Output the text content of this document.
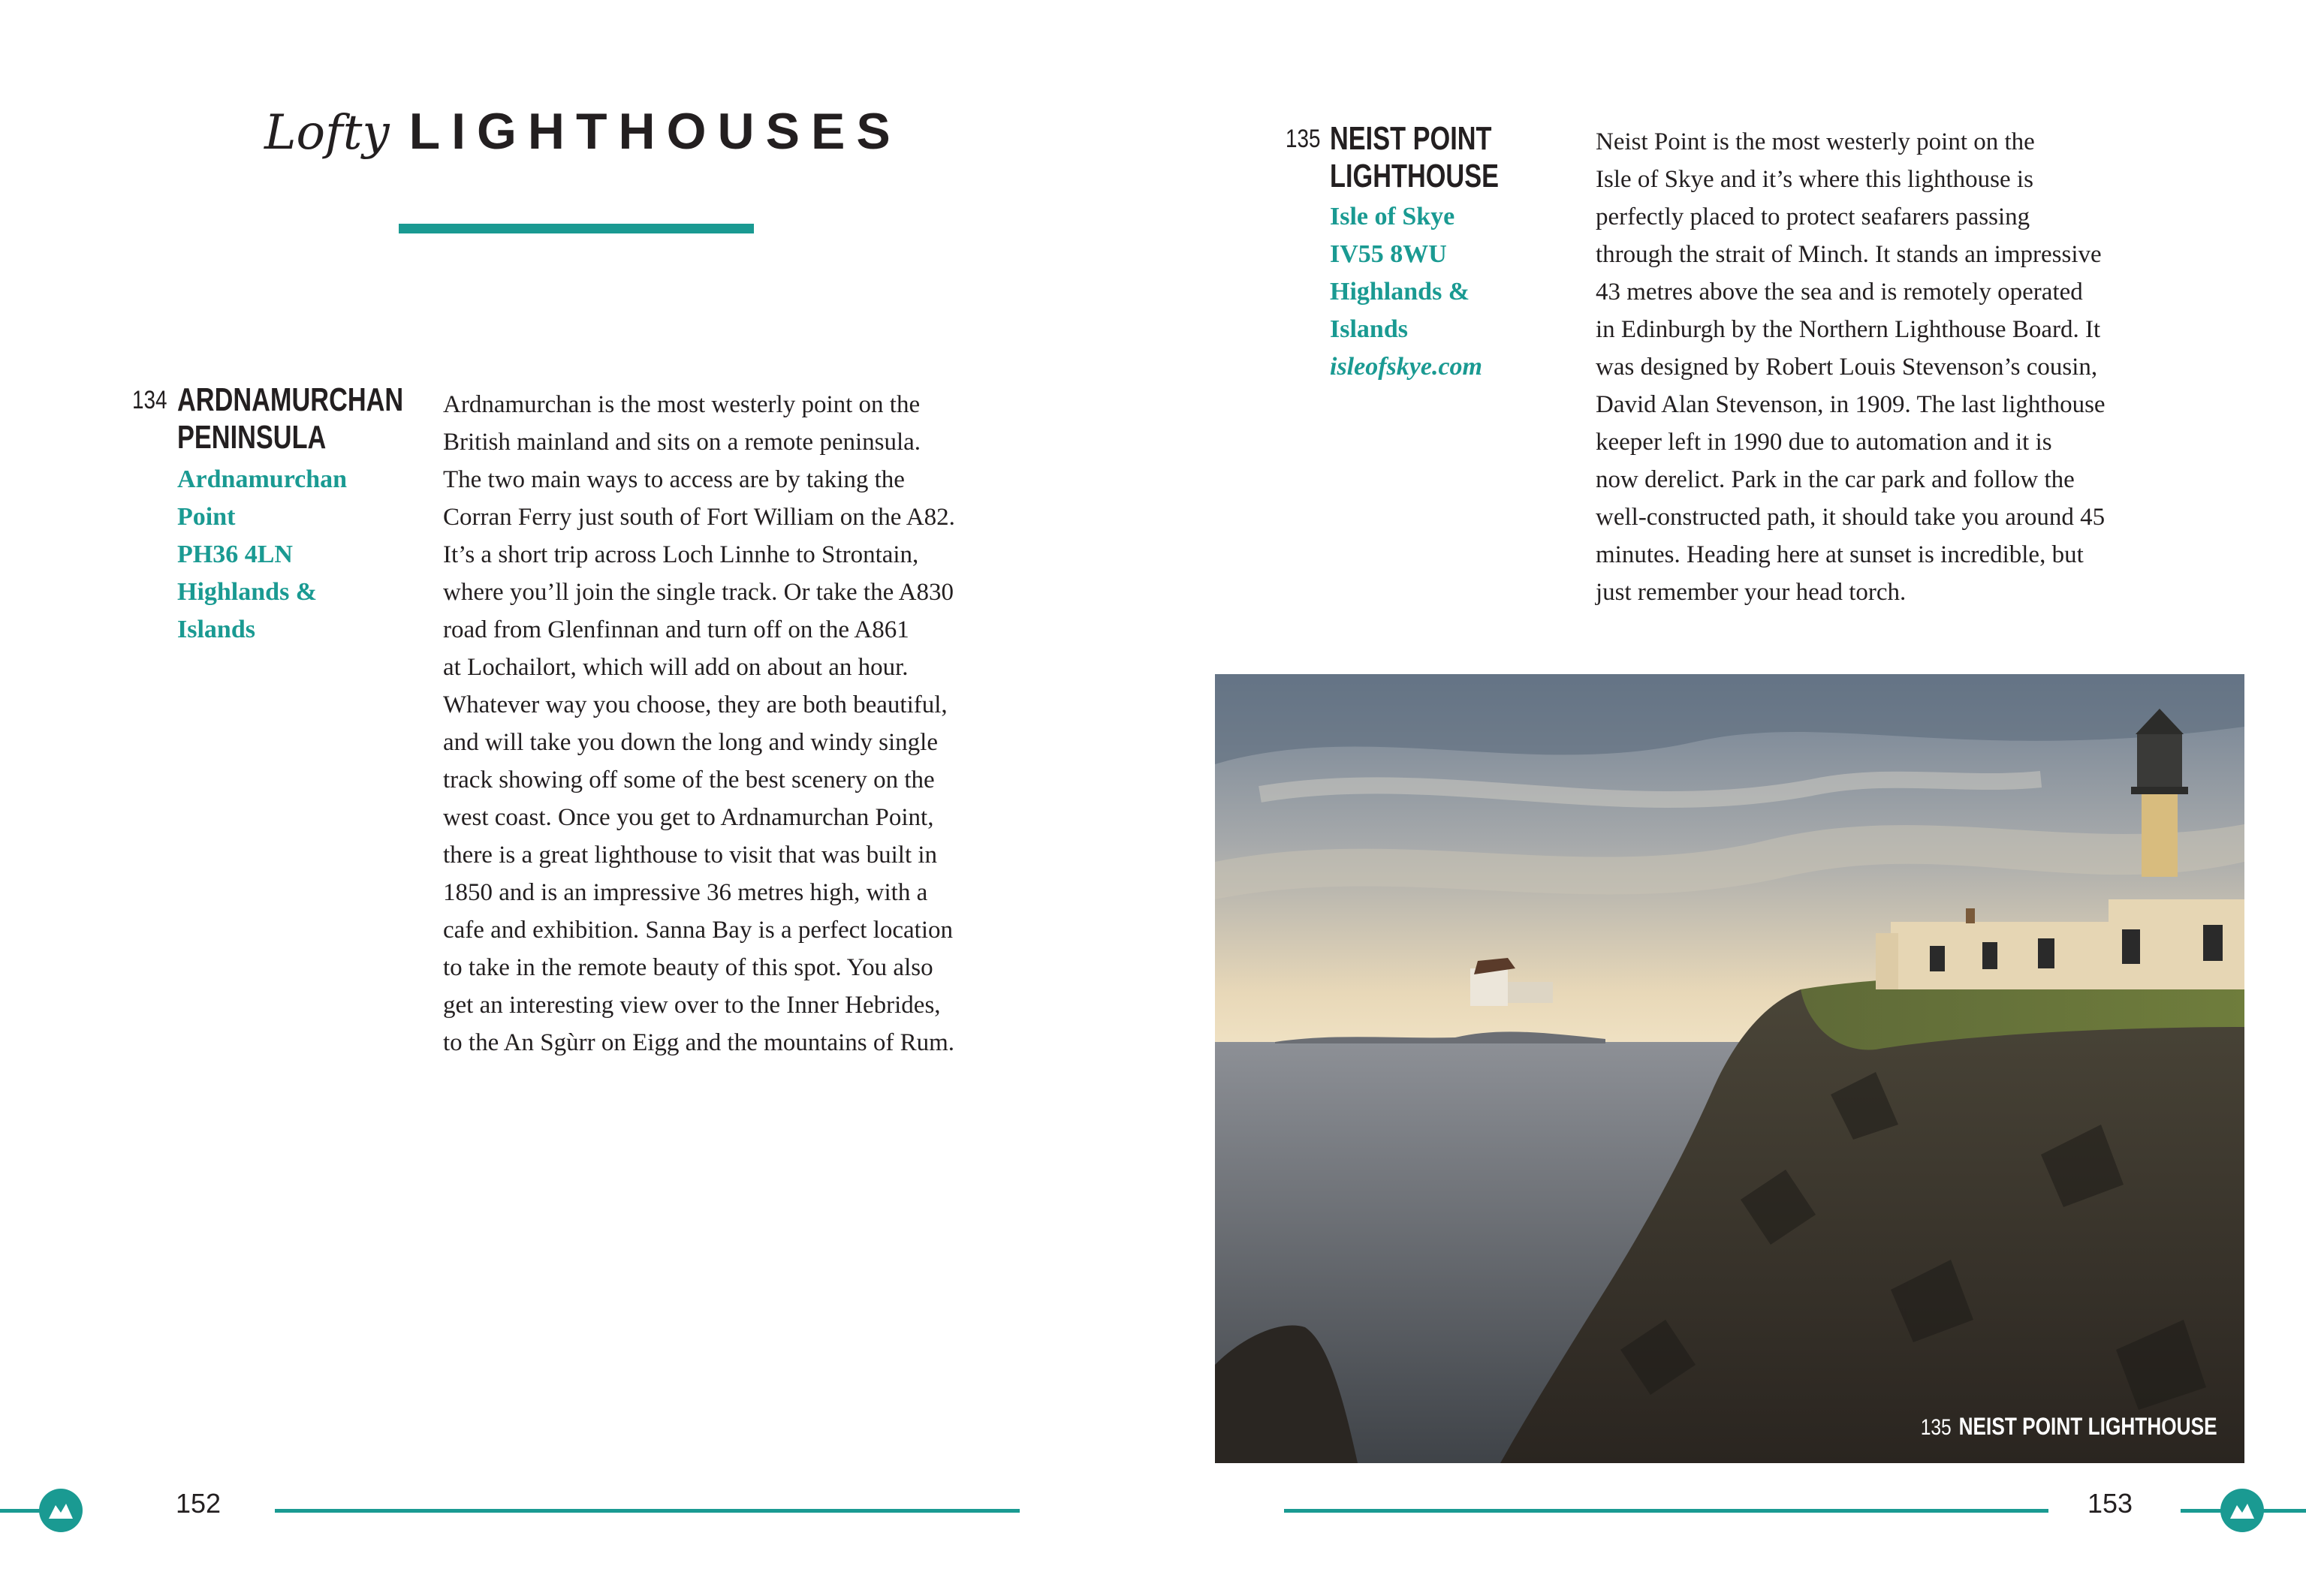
Lofty LIGHTHOUSES
134 ARDNAMURCHAN
PENINSULA
Ardnamurchan
Point
PH36 4LN
Highlands &
Islands
Ardnamurchan is the most westerly point on the
British mainland and sits on a remote peninsula.
The two main ways to access are by taking the
Corran Ferry just south of Fort William on the A82.
It’s a short trip across Loch Linnhe to Strontain,
where you’ll join the single track. Or take the A830
road from Glenfinnan and turn off on the A861
at Lochailort, which will add on about an hour.
Whatever way you choose, they are both beautiful,
and will take you down the long and windy single
track showing off some of the best scenery on the
west coast. Once you get to Ardnamurchan Point,
there is a great lighthouse to visit that was built in
1850 and is an impressive 36 metres high, with a
cafe and exhibition. Sanna Bay is a perfect location
to take in the remote beauty of this spot. You also
get an interesting view over to the Inner Hebrides,
to the An Sgùrr on Eigg and the mountains of Rum.
135 NEIST POINT
LIGHTHOUSE
Isle of Skye
IV55 8WU
Highlands &
Islands
isleofskye.com
Neist Point is the most westerly point on the
Isle of Skye and it’s where this lighthouse is
perfectly placed to protect seafarers passing
through the strait of Minch. It stands an impressive
43 metres above the sea and is remotely operated
in Edinburgh by the Northern Lighthouse Board. It
was designed by Robert Louis Stevenson’s cousin,
David Alan Stevenson, in 1909. The last lighthouse
keeper left in 1990 due to automation and it is
now derelict. Park in the car park and follow the
well-constructed path, it should take you around 45
minutes. Heading here at sunset is incredible, but
just remember your head torch.
135 NEIST POINT LIGHTHOUSE
152	153
